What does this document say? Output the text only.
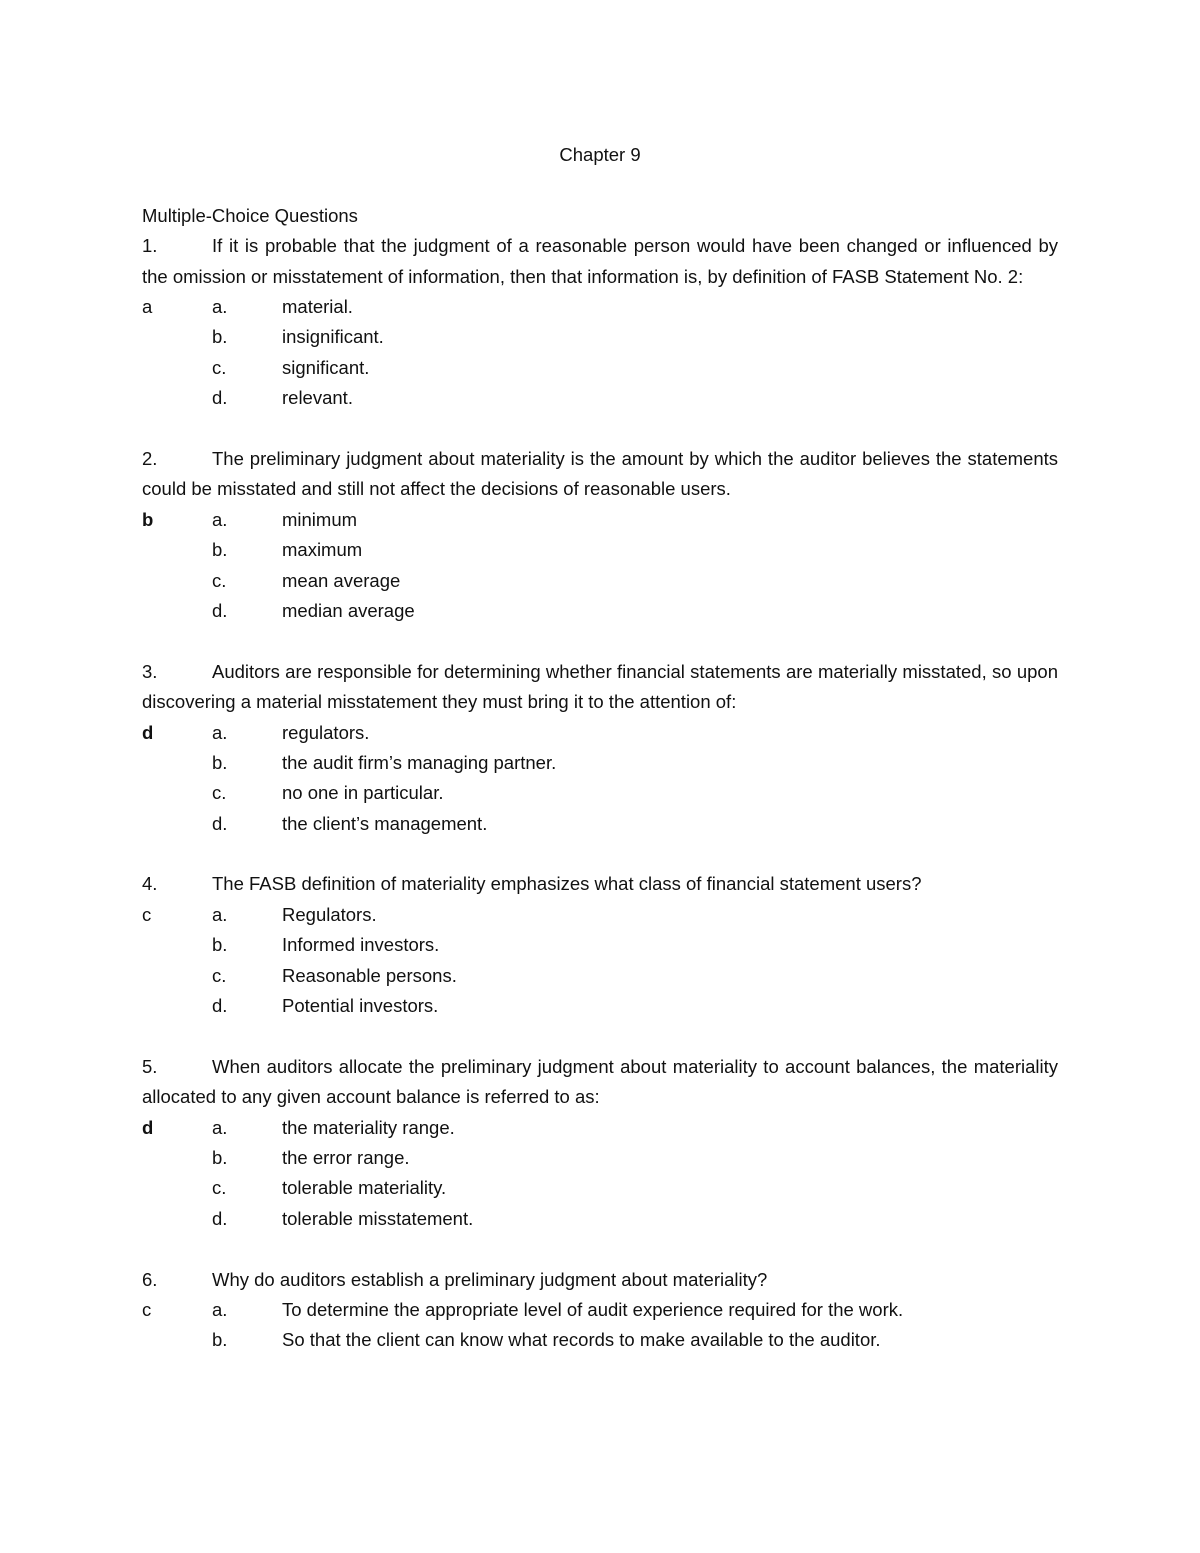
Chapter 9
Multiple-Choice Questions
1.	If it is probable that the judgment of a reasonable person would have been changed or influenced by the omission or misstatement of information, then that information is, by definition of FASB Statement No. 2:
a	a.	material.
b.	insignificant.
c.	significant.
d.	relevant.
2.	The preliminary judgment about materiality is the amount by which the auditor believes the statements could be misstated and still not affect the decisions of reasonable users.
b	a.	minimum
b.	maximum
c.	mean average
d.	median average
3.	Auditors are responsible for determining whether financial statements are materially misstated, so upon discovering a material misstatement they must bring it to the attention of:
d	a.	regulators.
b.	the audit firm’s managing partner.
c.	no one in particular.
d.	the client’s management.
4.	The FASB definition of materiality emphasizes what class of financial statement users?
c	a.	Regulators.
b.	Informed investors.
c.	Reasonable persons.
d.	Potential investors.
5.	When auditors allocate the preliminary judgment about materiality to account balances, the materiality allocated to any given account balance is referred to as:
d	a.	the materiality range.
b.	the error range.
c.	tolerable materiality.
d.	tolerable misstatement.
6.	Why do auditors establish a preliminary judgment about materiality?
c	a.	To determine the appropriate level of audit experience required for the work.
b.	So that the client can know what records to make available to the auditor.
